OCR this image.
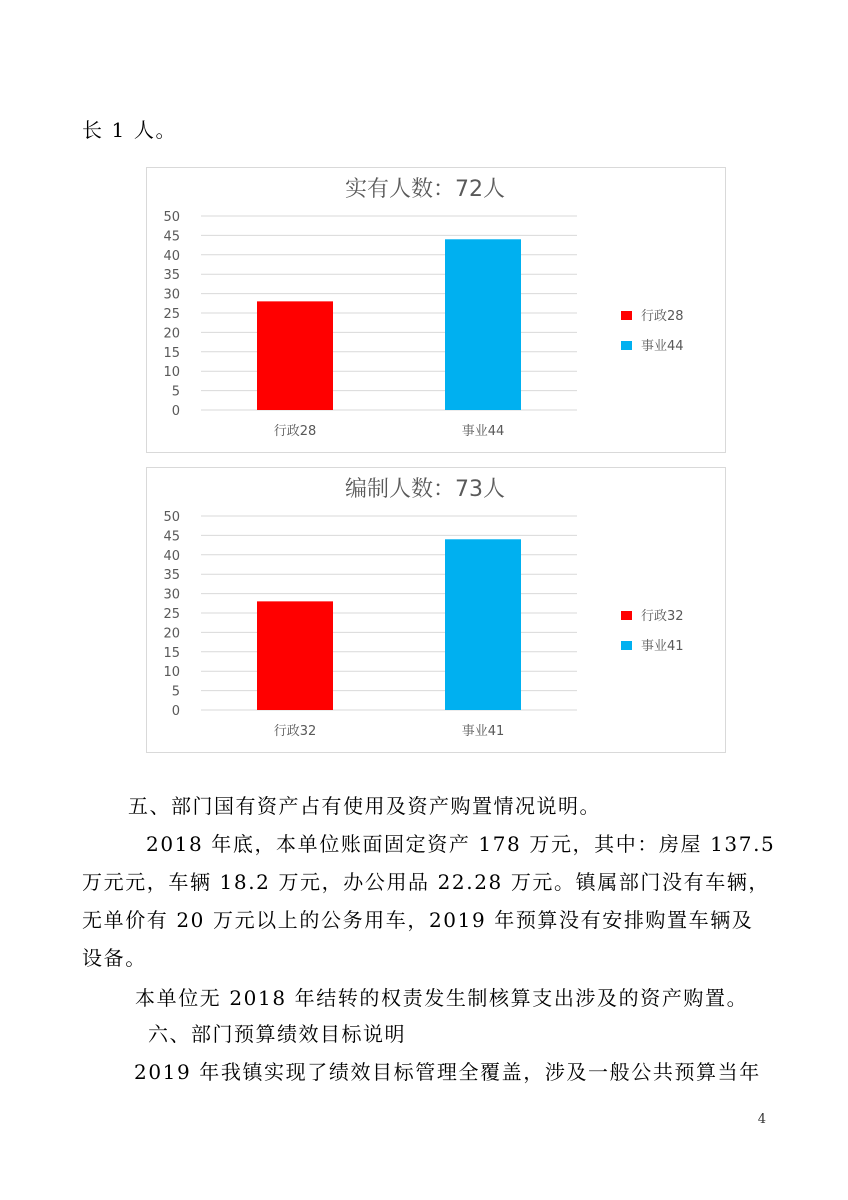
长 1 人。
实有人数：72人
0
5
10
15
20
25
30
35
40
45
50
行政28	事业44
行政28
事业44
编制人数：73人
0
5
10
15
20
25
30
35
40
45
50
行政32	事业41
行政32
事业41
五、部门国有资产占有使用及资产购置情况说明。
2018 年底，本单位账面固定资产 178 万元，其中：房屋 137.5
万元元，车辆 18.2 万元，办公用品 22.28 万元。镇属部门没有车辆，
无单价有 20 万元以上的公务用车，2019 年预算没有安排购置车辆及
设备。
本单位无 2018 年结转的权责发生制核算支出涉及的资产购置。
六、部门预算绩效目标说明
2019 年我镇实现了绩效目标管理全覆盖，涉及一般公共预算当年
4
